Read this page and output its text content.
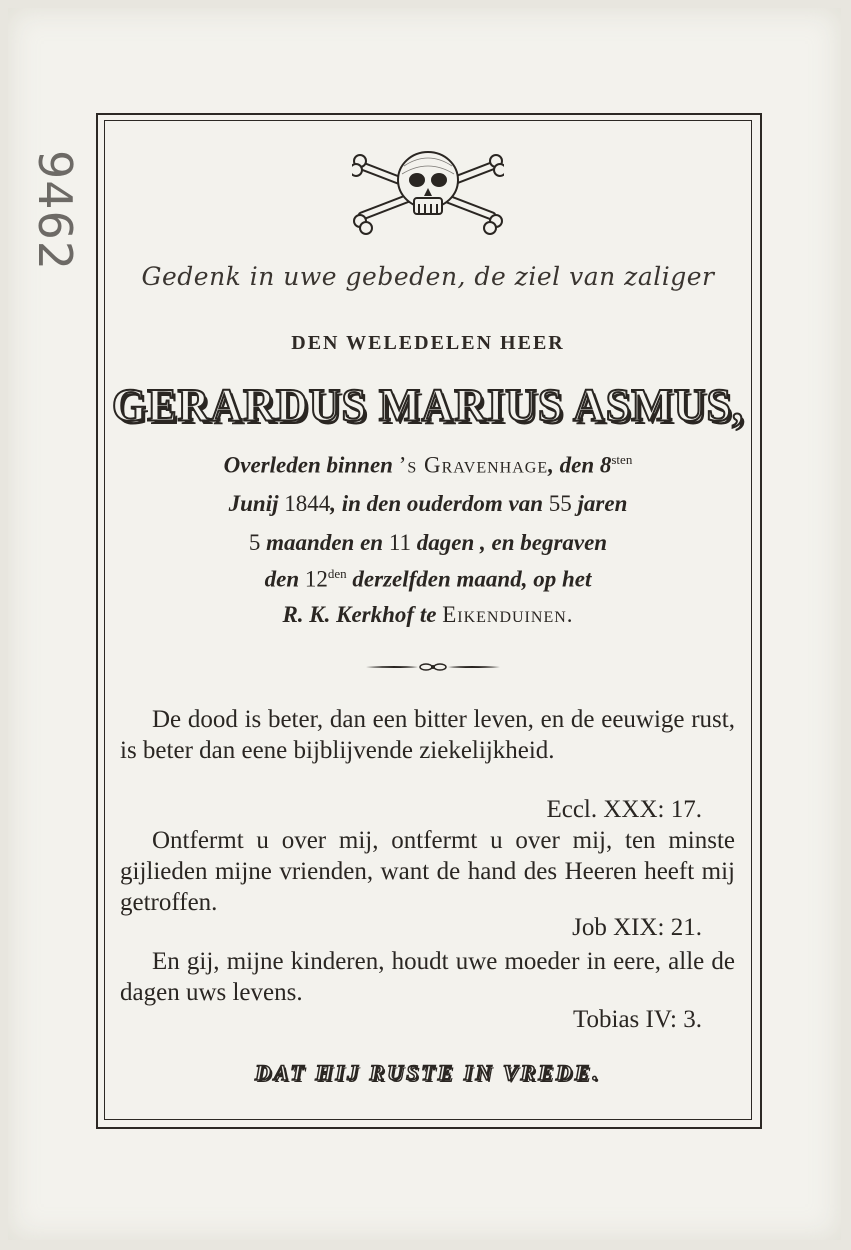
9462
Gedenk in uwe gebeden, de ziel van zaliger
DEN WELEDELEN HEER
GERARDUS MARIUS ASMUS,
Overleden binnen ’s Gravenhage, den $8^{sten}$
Junij 1844, in den ouderdom van 55 jaren
5 maanden en 11 dagen , en begraven
den $12^{den}$ derzelfden maand, op het
R. K. Kerkhof te Eikenduinen.
De dood is beter, dan een bitter leven, en de eeuwige rust, is beter dan eene bijblijvende ziekelijkheid.
Eccl. XXX: 17.
Ontfermt u over mij, ontfermt u over mij, ten minste gijlieden mijne vrienden, want de hand des Heeren heeft mij getroffen.
Job XIX: 21.
En gij, mijne kinderen, houdt uwe moeder in eere, alle de dagen uws levens.
Tobias IV: 3.
DAT HIJ RUSTE IN VREDE.
